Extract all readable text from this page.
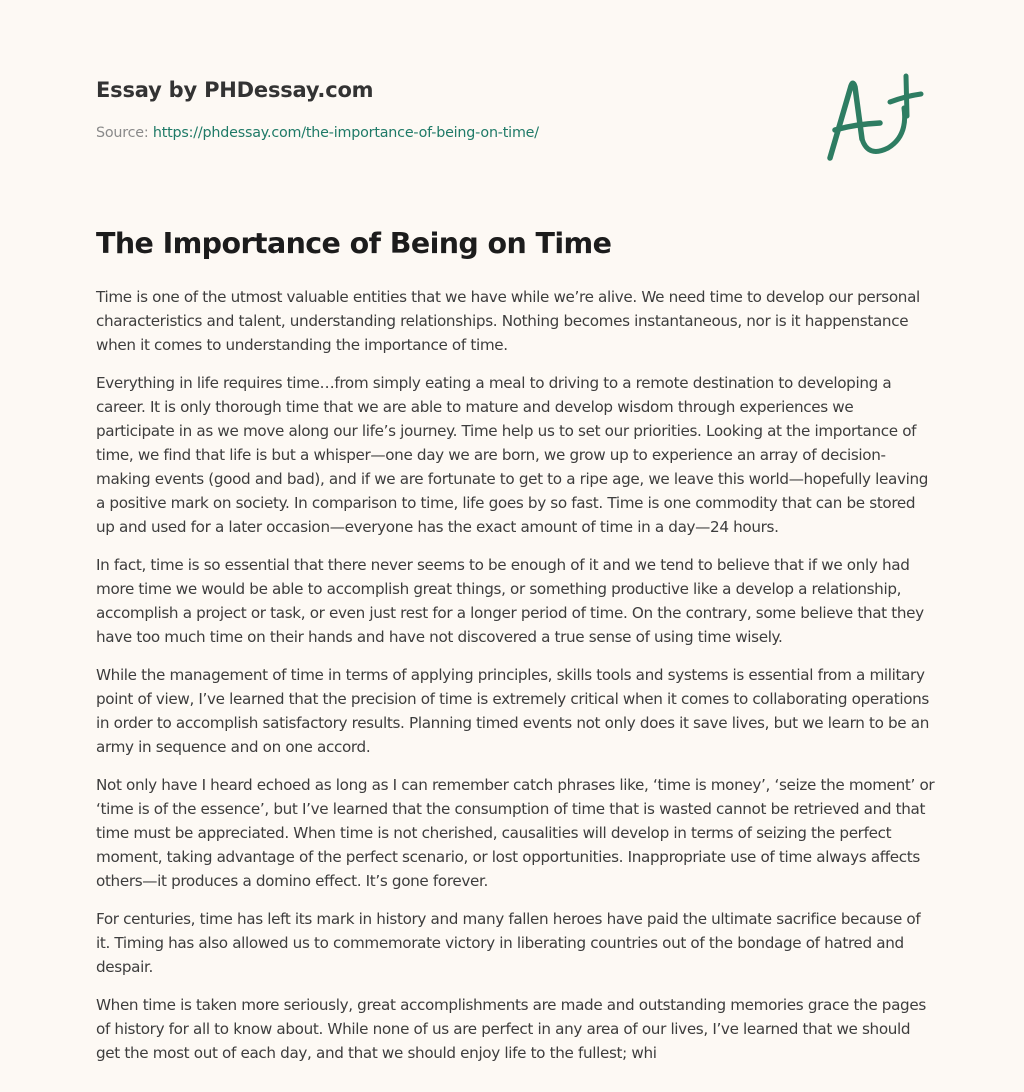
Essay by PHDessay.com
Source: https://phdessay.com/the-importance-of-being-on-time/
The Importance of Being on Time

Time is one of the utmost valuable entities that we have while we’re alive. We need time to develop our personal characteristics and talent, understanding relationships. Nothing becomes instantaneous, nor is it happenstance when it comes to understanding the importance of time.

Everything in life requires time…from simply eating a meal to driving to a remote destination to developing a career. It is only thorough time that we are able to mature and develop wisdom through experiences we participate in as we move along our life’s journey. Time help us to set our priorities. Looking at the importance of time, we find that life is but a whisper—one day we are born, we grow up to experience an array of decision-making events (good and bad), and if we are fortunate to get to a ripe age, we leave this world—hopefully leaving a positive mark on society. In comparison to time, life goes by so fast. Time is one commodity that can be stored up and used for a later occasion—everyone has the exact amount of time in a day—24 hours.

In fact, time is so essential that there never seems to be enough of it and we tend to believe that if we only had more time we would be able to accomplish great things, or something productive like a develop a relationship, accomplish a project or task, or even just rest for a longer period of time. On the contrary, some believe that they have too much time on their hands and have not discovered a true sense of using time wisely.

While the management of time in terms of applying principles, skills tools and systems is essential from a military point of view, I’ve learned that the precision of time is extremely critical when it comes to collaborating operations in order to accomplish satisfactory results. Planning timed events not only does it save lives, but we learn to be an army in sequence and on one accord.

Not only have I heard echoed as long as I can remember catch phrases like, ‘time is money’, ‘seize the moment’ or ‘time is of the essence’, but I’ve learned that the consumption of time that is wasted cannot be retrieved and that time must be appreciated. When time is not cherished, causalities will develop in terms of seizing the perfect moment, taking advantage of the perfect scenario, or lost opportunities. Inappropriate use of time always affects others—it produces a domino effect. It’s gone forever.

For centuries, time has left its mark in history and many fallen heroes have paid the ultimate sacrifice because of it. Timing has also allowed us to commemorate victory in liberating countries out of the bondage of hatred and despair.

When time is taken more seriously, great accomplishments are made and outstanding memories grace the pages of history for all to know about. While none of us are perfect in any area of our lives, I’ve learned that we should get the most out of each day, and that we should enjoy life to the fullest; whi
